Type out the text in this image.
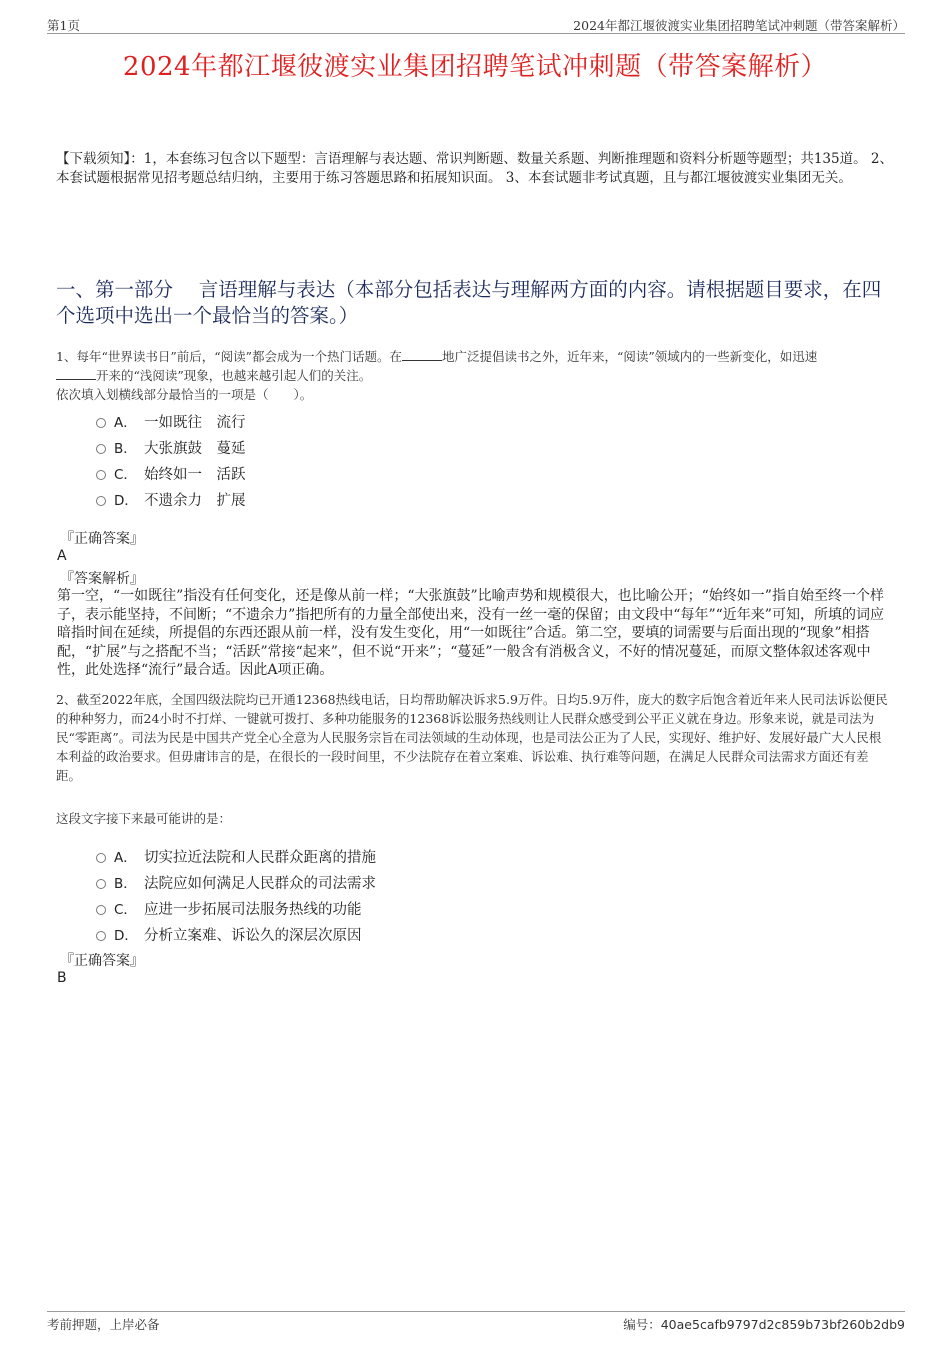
第1页	2024年都江堰彼渡实业集团招聘笔试冲刺题（带答案解析）
2024年都江堰彼渡实业集团招聘笔试冲刺题（带答案解析）
【下载须知】：1，本套练习包含以下题型：言语理解与表达题、常识判断题、数量关系题、判断推理题和资料分析题等题型；共135道。 2、本套试题根据常见招考题总结归纳，主要用于练习答题思路和拓展知识面。 3、本套试题非考试真题，且与都江堰彼渡实业集团无关。
一、第一部分　 言语理解与表达（本部分包括表达与理解两方面的内容。请根据题目要求，在四个选项中选出一个最恰当的答案。）
1、每年“世界读书日”前后，“阅读”都会成为一个热门话题。在	地广泛提倡读书之外，近年来，“阅读”领域内的一些新变化，如迅速
开来的“浅阅读”现象，也越来越引起人们的关注。
依次填入划横线部分最恰当的一项是（　　）。
A． 一如既往　流行
B． 大张旗鼓　蔓延
C． 始终如一　活跃
D． 不遗余力　扩展
『正确答案』
A
『答案解析』
第一空，“一如既往”指没有任何变化，还是像从前一样；“大张旗鼓”比喻声势和规模很大，也比喻公开；“始终如一”指自始至终一个样子，表示能坚持，不间断；“不遗余力”指把所有的力量全部使出来，没有一丝一毫的保留；由文段中“每年”“近年来”可知，所填的词应暗指时间在延续，所提倡的东西还跟从前一样，没有发生变化，用“一如既往”合适。第二空，要填的词需要与后面出现的“现象”相搭配，“扩展”与之搭配不当；“活跃”常接“起来”，但不说“开来”；“蔓延”一般含有消极含义，不好的情况蔓延，而原文整体叙述客观中性，此处选择“流行”最合适。因此A项正确。
2、截至2022年底，全国四级法院均已开通12368热线电话，日均帮助解决诉求5.9万件。日均5.9万件，庞大的数字后饱含着近年来人民司法诉讼便民的种种努力，而24小时不打烊、一键就可拨打、多种功能服务的12368诉讼服务热线则让人民群众感受到公平正义就在身边。形象来说，就是司法为民“零距离”。司法为民是中国共产党全心全意为人民服务宗旨在司法领域的生动体现，也是司法公正为了人民，实现好、维护好、发展好最广大人民根本利益的政治要求。但毋庸讳言的是，在很长的一段时间里，不少法院存在着立案难、诉讼难、执行难等问题，在满足人民群众司法需求方面还有差距。
这段文字接下来最可能讲的是：
A． 切实拉近法院和人民群众距离的措施
B． 法院应如何满足人民群众的司法需求
C． 应进一步拓展司法服务热线的功能
D． 分析立案难、诉讼久的深层次原因
『正确答案』
B
考前押题，上岸必备	编号：40ae5cafb9797d2c859b73bf260b2db9
